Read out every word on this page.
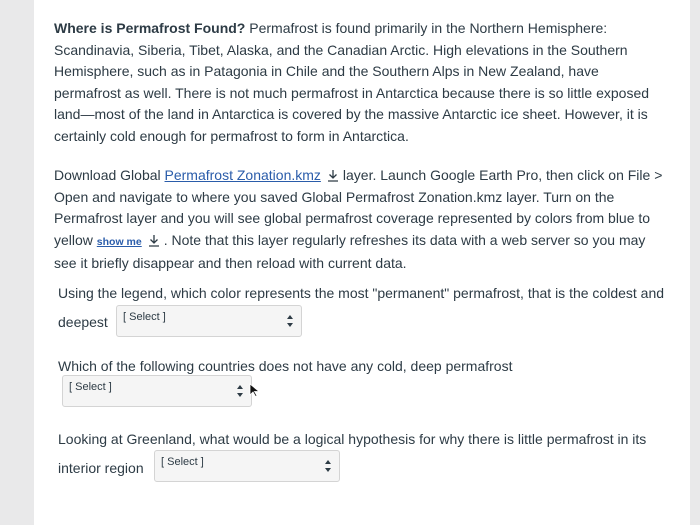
Where is Permafrost Found? Permafrost is found primarily in the Northern Hemisphere: Scandinavia, Siberia, Tibet, Alaska, and the Canadian Arctic. High elevations in the Southern Hemisphere, such as in Patagonia in Chile and the Southern Alps in New Zealand, have permafrost as well. There is not much permafrost in Antarctica because there is so little exposed land—most of the land in Antarctica is covered by the massive Antarctic ice sheet. However, it is certainly cold enough for permafrost to form in Antarctica.

Download Global Permafrost Zonation.kmz layer. Launch Google Earth Pro, then click on File > Open and navigate to where you saved Global Permafrost Zonation.kmz layer. Turn on the Permafrost layer and you will see global permafrost coverage represented by colors from blue to yellow show me . Note that this layer regularly refreshes its data with a web server so you may see it briefly disappear and then reload with current data.

Using the legend, which color represents the most "permanent" permafrost, that is the coldest and

deepest [ Select ]

Which of the following countries does not have any cold, deep permafrost

[ Select ]

Looking at Greenland, what would be a logical hypothesis for why there is little permafrost in its

interior region [ Select ]
